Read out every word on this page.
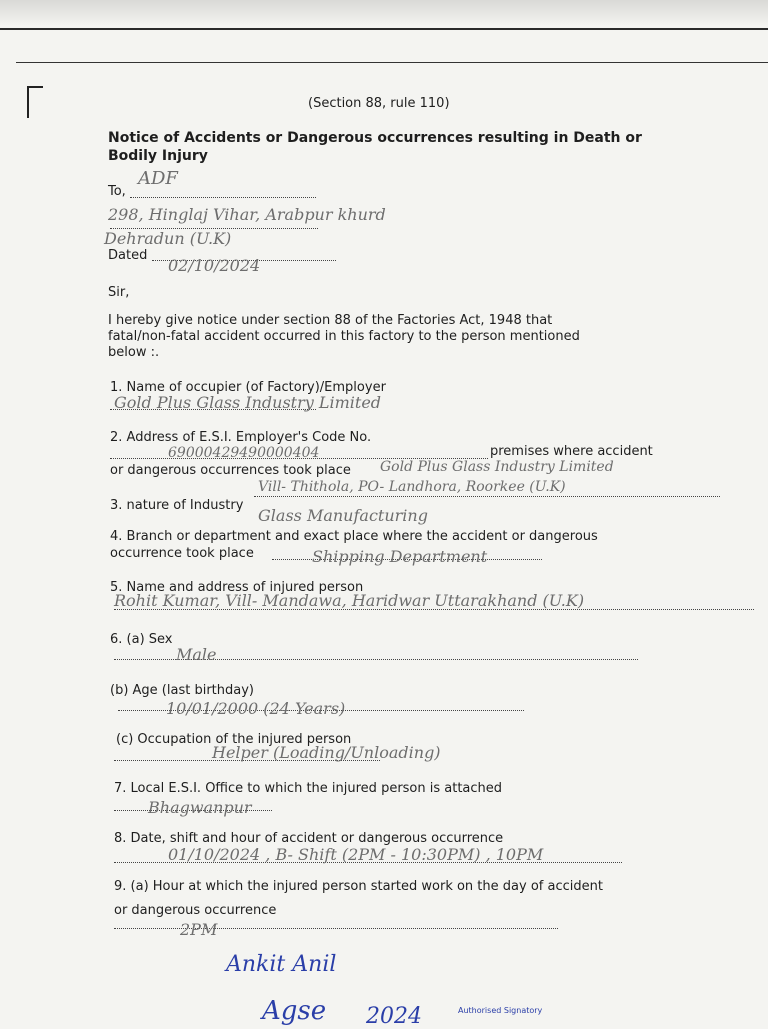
(Section 88, rule 110)
Notice of Accidents or Dangerous occurrences resulting in Death or
Bodily Injury
To,
ADF
298, Hinglaj Vihar, Arabpur khurd
Dehradun (U.K)
Dated
02/10/2024
Sir,
I hereby give notice under section 88 of the Factories Act, 1948 that
fatal/non-fatal accident occurred in this factory to the person mentioned
below :.
1. Name of occupier (of Factory)/Employer
Gold Plus Glass Industry Limited
2. Address of E.S.I. Employer's Code No.
69000429490000404	premises where accident
or dangerous occurrences took place Gold Plus Glass Industry Limited
Vill- Thithola, PO- Landhora, Roorkee (U.K)
3. nature of Industry
Glass Manufacturing
4. Branch or department and exact place where the accident or dangerous
occurrence took place	Shipping Department
5. Name and address of injured person
Rohit Kumar, Vill- Mandawa, Haridwar Uttarakhand (U.K)
6. (a) Sex
Male
(b) Age (last birthday)
10/01/2000 (24 Years)
(c) Occupation of the injured person
Helper (Loading/Unloading)
7. Local E.S.I. Office to which the injured person is attached
Bhagwanpur
8. Date, shift and hour of accident or dangerous occurrence
01/10/2024 , B- Shift (2PM - 10:30PM) , 10PM
9. (a) Hour at which the injured person started work on the day of accident
or dangerous occurrence
2PM
Ankit Anil
Agse 2024	Authorised Signatory
